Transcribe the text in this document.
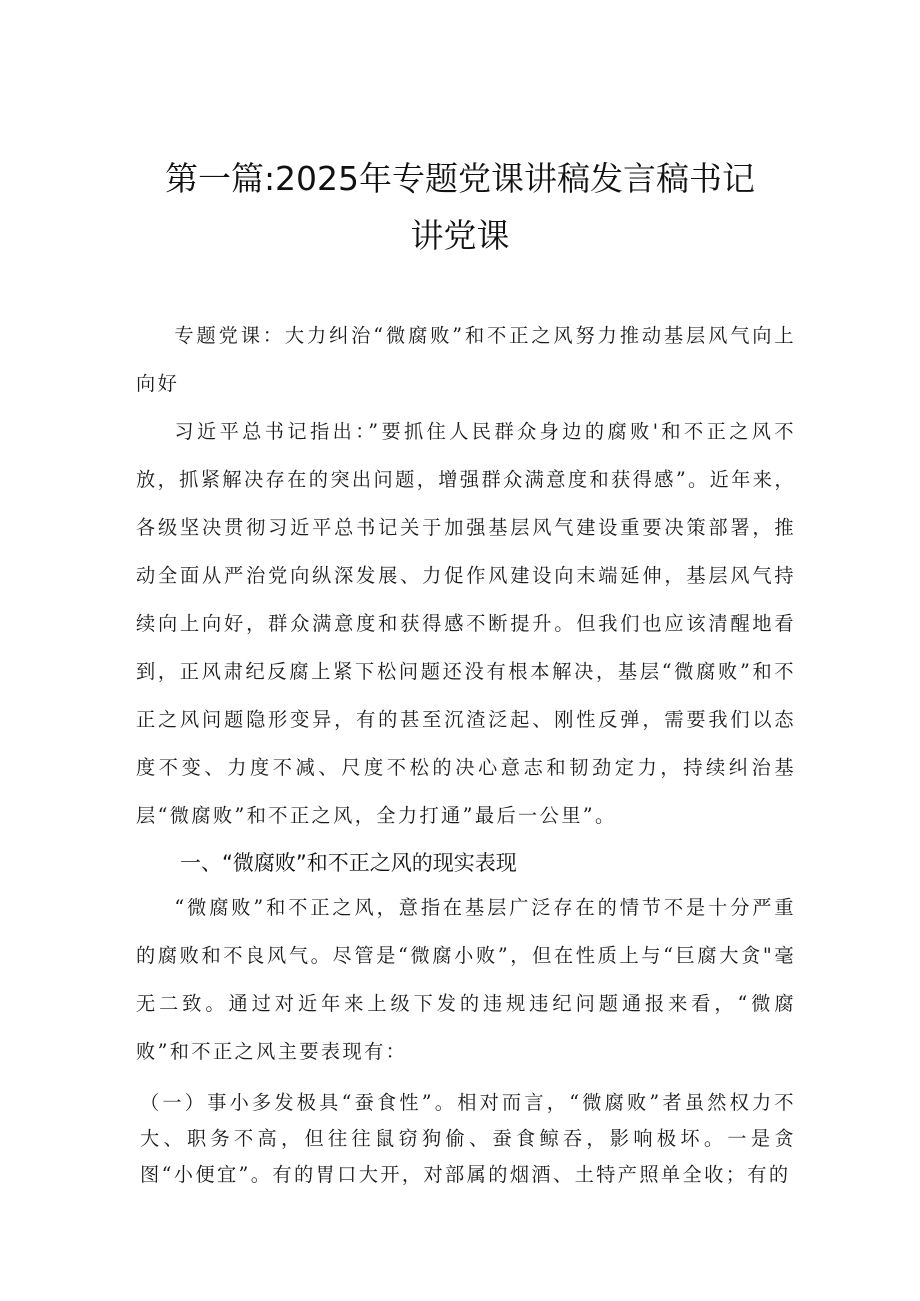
第一篇:2025年专题党课讲稿发言稿书记
讲党课

专题党课：大力纠治“微腐败”和不正之风努力推动基层风气向上向好

习近平总书记指出：”要抓住人民群众身边的腐败'和不正之风不放，抓紧解决存在的突出问题，增强群众满意度和获得感”。近年来，各级坚决贯彻习近平总书记关于加强基层风气建设重要决策部署，推动全面从严治党向纵深发展、力促作风建设向末端延伸，基层风气持续向上向好，群众满意度和获得感不断提升。但我们也应该清醒地看到，正风肃纪反腐上紧下松问题还没有根本解决，基层“微腐败”和不正之风问题隐形变异，有的甚至沉渣泛起、刚性反弹，需要我们以态度不变、力度不减、尺度不松的决心意志和韧劲定力，持续纠治基层“微腐败”和不正之风，全力打通”最后一公里”。

一、“微腐败”和不正之风的现实表现

“微腐败”和不正之风，意指在基层广泛存在的情节不是十分严重的腐败和不良风气。尽管是“微腐小败”，但在性质上与“巨腐大贪"毫无二致。通过对近年来上级下发的违规违纪问题通报来看，“微腐败”和不正之风主要表现有：

（一）事小多发极具“蚕食性”。相对而言，“微腐败”者虽然权力不大、职务不高，但往往鼠窃狗偷、蚕食鲸吞，影响极坏。一是贪图“小便宜”。有的胃口大开，对部属的烟酒、土特产照单全收；有的
